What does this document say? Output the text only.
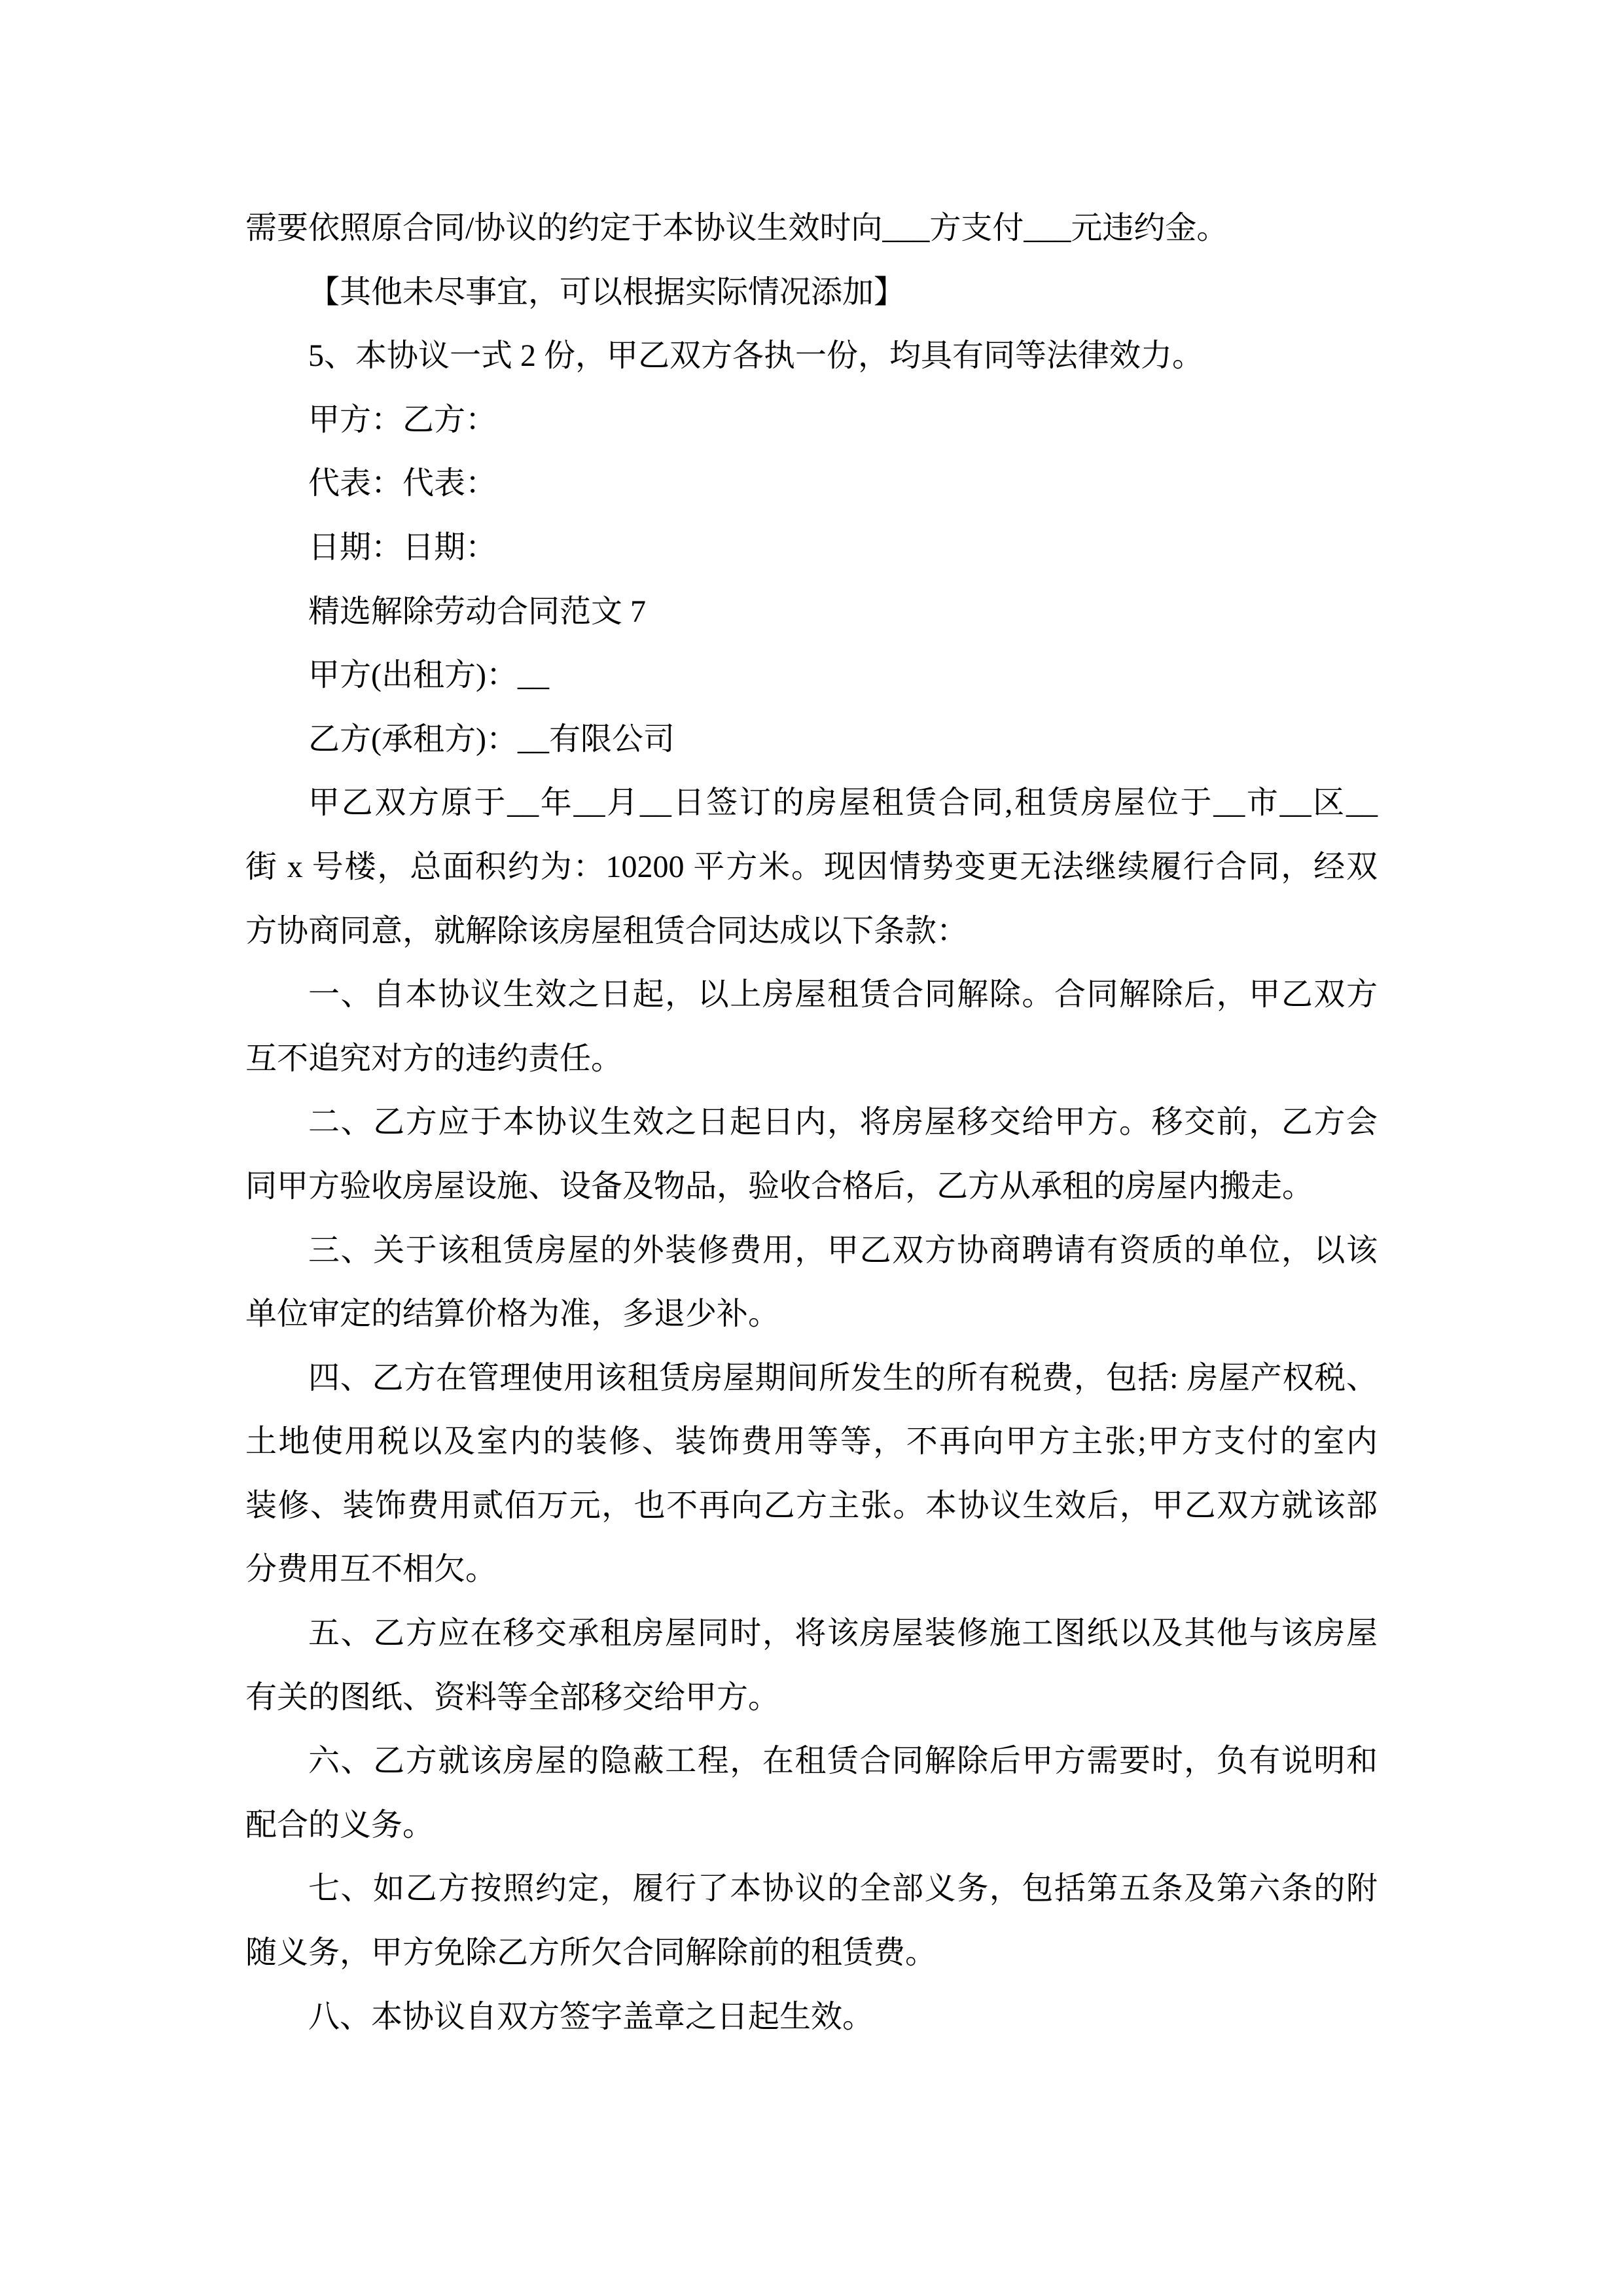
需要依照原合同/协议的约定于本协议生效时向___方支付___元违约金。
【其他未尽事宜，可以根据实际情况添加】
5、本协议一式 2 份，甲乙双方各执一份，均具有同等法律效力。
甲方：乙方：
代表：代表：
日期：日期：
精选解除劳动合同范文 7
甲方(出租方)：__
乙方(承租方)：__有限公司
甲乙双方原于__年__月__日签订的房屋租赁合同,租赁房屋位于__市__区__
街 x 号楼，总面积约为：10200 平方米。现因情势变更无法继续履行合同，经双
方协商同意，就解除该房屋租赁合同达成以下条款：
一、自本协议生效之日起，以上房屋租赁合同解除。合同解除后，甲乙双方
互不追究对方的违约责任。
二、乙方应于本协议生效之日起日内，将房屋移交给甲方。移交前，乙方会
同甲方验收房屋设施、设备及物品，验收合格后，乙方从承租的房屋内搬走。
三、关于该租赁房屋的外装修费用，甲乙双方协商聘请有资质的单位，以该
单位审定的结算价格为准，多退少补。
四、乙方在管理使用该租赁房屋期间所发生的所有税费，包括: 房屋产权税、
土地使用税以及室内的装修、装饰费用等等，不再向甲方主张;甲方支付的室内
装修、装饰费用贰佰万元，也不再向乙方主张。本协议生效后，甲乙双方就该部
分费用互不相欠。
五、乙方应在移交承租房屋同时，将该房屋装修施工图纸以及其他与该房屋
有关的图纸、资料等全部移交给甲方。
六、乙方就该房屋的隐蔽工程，在租赁合同解除后甲方需要时，负有说明和
配合的义务。
七、如乙方按照约定，履行了本协议的全部义务，包括第五条及第六条的附
随义务，甲方免除乙方所欠合同解除前的租赁费。
八、本协议自双方签字盖章之日起生效。
